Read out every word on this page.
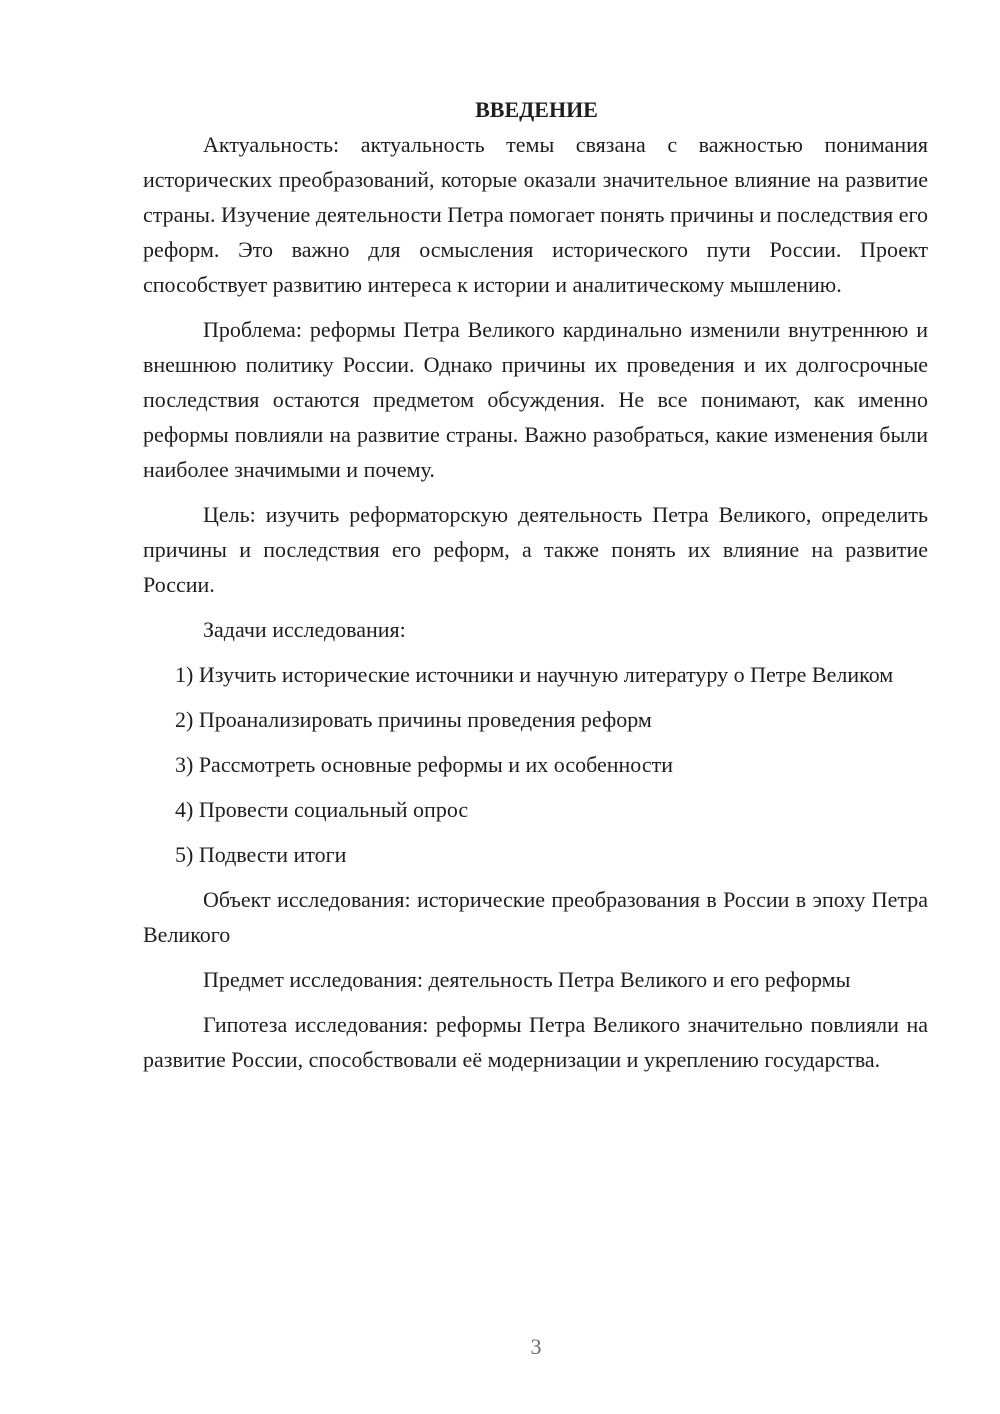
ВВЕДЕНИЕ

Актуальность: актуальность темы связана с важностью понимания исторических преобразований, которые оказали значительное влияние на развитие страны. Изучение деятельности Петра помогает понять причины и последствия его реформ. Это важно для осмысления исторического пути России. Проект способствует развитию интереса к истории и аналитическому мышлению.

Проблема: реформы Петра Великого кардинально изменили внутреннюю и внешнюю политику России. Однако причины их проведения и их долгосрочные последствия остаются предметом обсуждения. Не все понимают, как именно реформы повлияли на развитие страны. Важно разобраться, какие изменения были наиболее значимыми и почему.

Цель: изучить реформаторскую деятельность Петра Великого, определить причины и последствия его реформ, а также понять их влияние на развитие России.

Задачи исследования:

1) Изучить исторические источники и научную литературу о Петре Великом

2) Проанализировать причины проведения реформ

3) Рассмотреть основные реформы и их особенности

4) Провести социальный опрос

5) Подвести итоги

Объект исследования: исторические преобразования в России в эпоху Петра Великого

Предмет исследования: деятельность Петра Великого и его реформы

Гипотеза исследования: реформы Петра Великого значительно повлияли на развитие России, способствовали её модернизации и укреплению государства.

3
